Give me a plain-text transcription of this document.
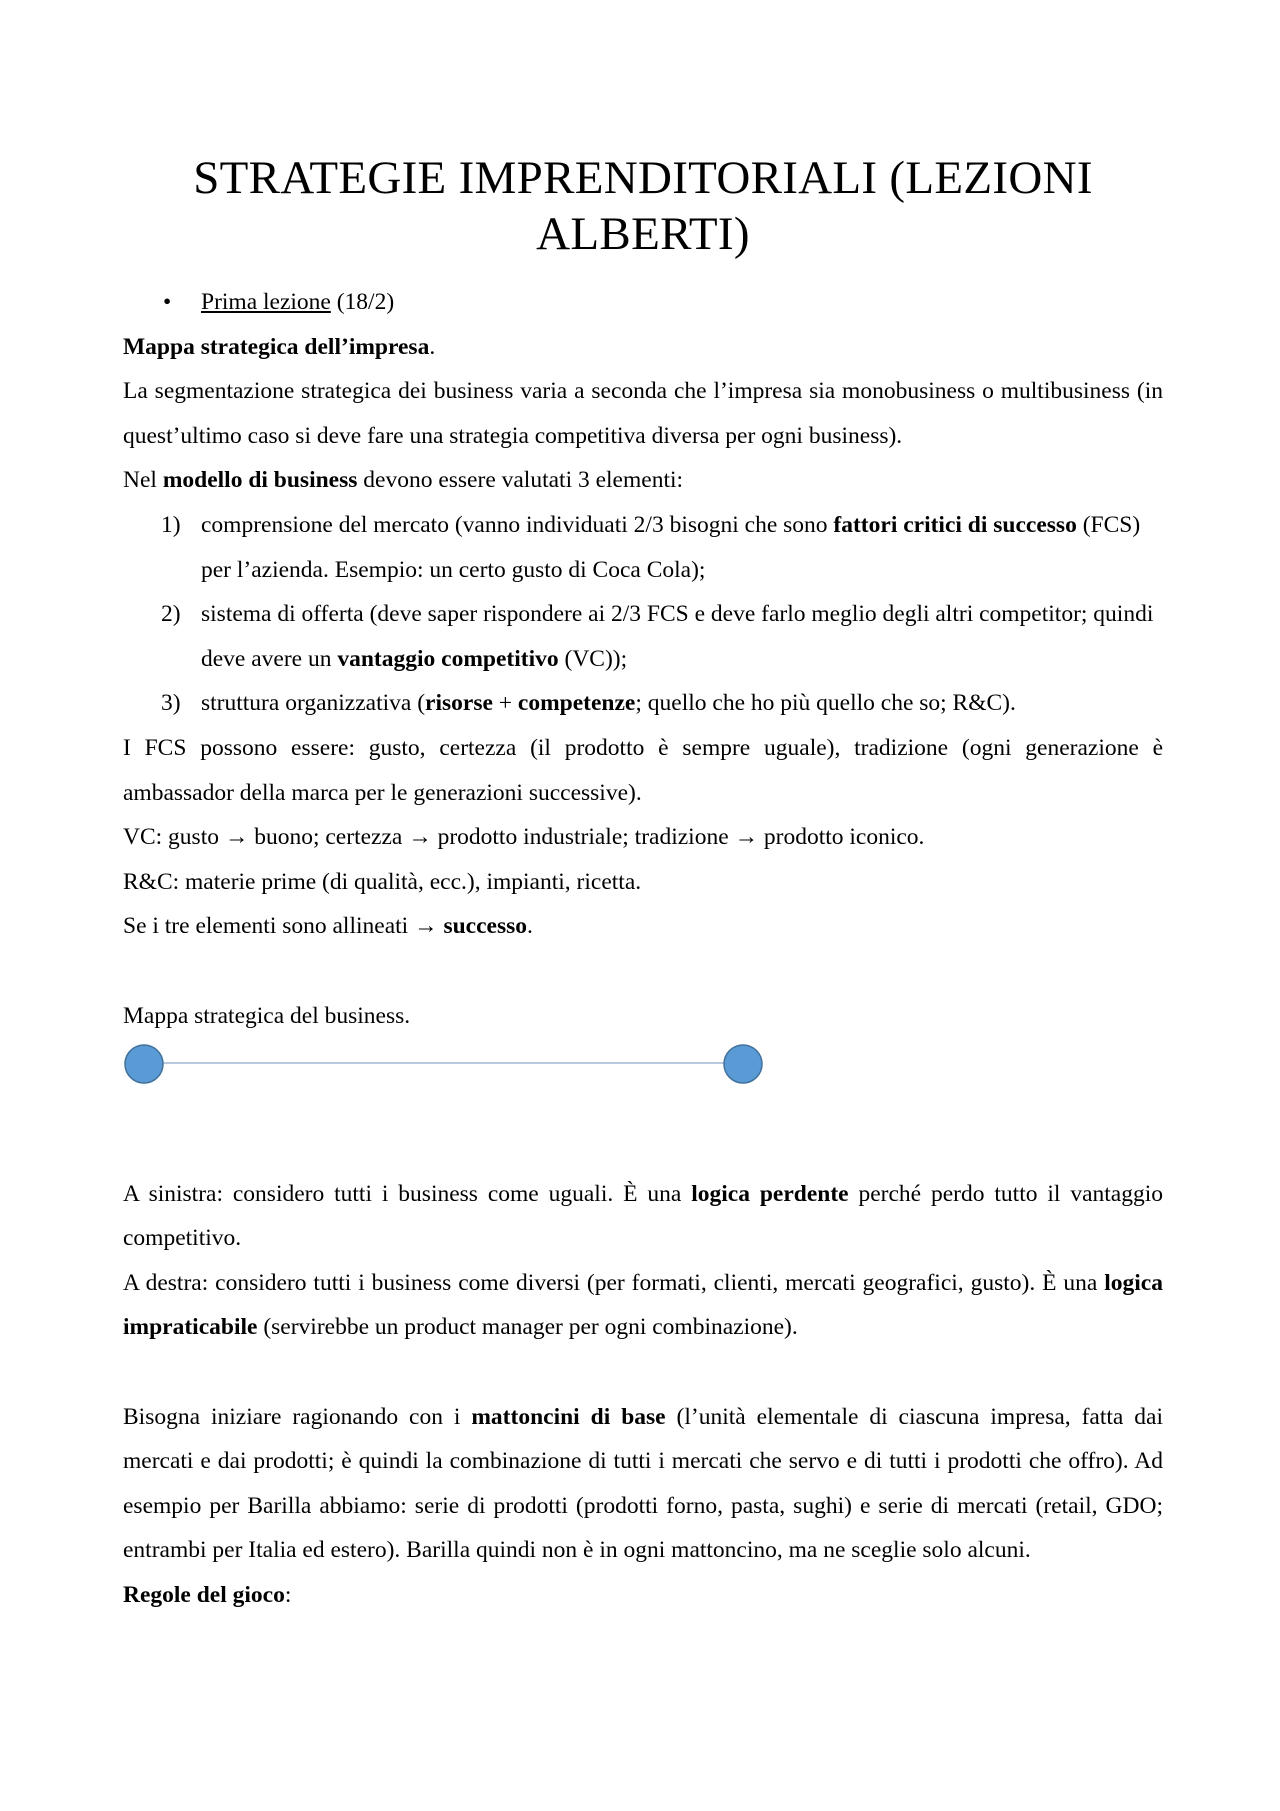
STRATEGIE IMPRENDITORIALI (LEZIONI
ALBERTI)

• Prima lezione (18/2)

Mappa strategica dell’impresa.

La segmentazione strategica dei business varia a seconda che l’impresa sia monobusiness o multibusiness (in quest’ultimo caso si deve fare una strategia competitiva diversa per ogni business).

Nel modello di business devono essere valutati 3 elementi:

1) comprensione del mercato (vanno individuati 2/3 bisogni che sono fattori critici di successo (FCS) per l’azienda. Esempio: un certo gusto di Coca Cola);
2) sistema di offerta (deve saper rispondere ai 2/3 FCS e deve farlo meglio degli altri competitor; quindi deve avere un vantaggio competitivo (VC));
3) struttura organizzativa (risorse + competenze; quello che ho più quello che so; R&C).

I FCS possono essere: gusto, certezza (il prodotto è sempre uguale), tradizione (ogni generazione è ambassador della marca per le generazioni successive).

VC: gusto → buono; certezza → prodotto industriale; tradizione → prodotto iconico.

R&C: materie prime (di qualità, ecc.), impianti, ricetta.

Se i tre elementi sono allineati → successo.

Mappa strategica del business.

A sinistra: considero tutti i business come uguali. È una logica perdente perché perdo tutto il vantaggio competitivo.

A destra: considero tutti i business come diversi (per formati, clienti, mercati geografici, gusto). È una logica impraticabile (servirebbe un product manager per ogni combinazione).

Bisogna iniziare ragionando con i mattoncini di base (l’unità elementale di ciascuna impresa, fatta dai mercati e dai prodotti; è quindi la combinazione di tutti i mercati che servo e di tutti i prodotti che offro). Ad esempio per Barilla abbiamo: serie di prodotti (prodotti forno, pasta, sughi) e serie di mercati (retail, GDO; entrambi per Italia ed estero). Barilla quindi non è in ogni mattoncino, ma ne sceglie solo alcuni.

Regole del gioco:
